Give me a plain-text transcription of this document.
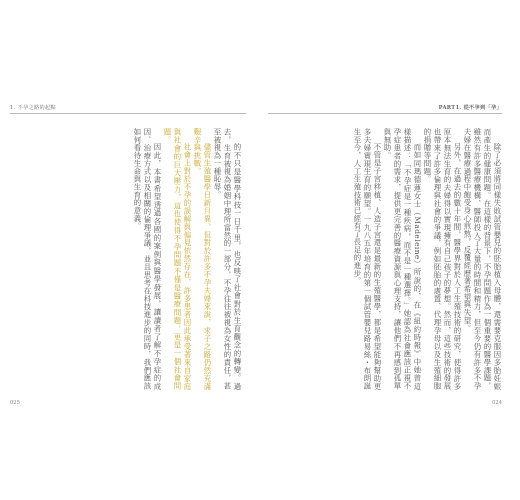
1. 不孕之路的起點

的不只是醫學科技一日千里，也反映了社會對於生育觀念的轉變。過去，生育被視為婚姻中理所當然的一部分，不孕往往被視為女性的責任，甚至被視為一種恥辱。

儘管生殖醫學日新月異，但對於許多不孕夫婦來說，求子之路仍然充滿艱辛與挑戰。

社會上對於不孕的誤解與偏見依然存在，許多患者因此承受著來自家庭與社會的巨大壓力，這也使得不孕問題不僅是醫療問題，更是一個社會問題。

因此，本書希望透過各國的案例與醫學發展，讓讀者了解不孕症的成因、治療方式以及相關的倫理爭議，並且思考在科技進步的同時，我們應該如何看待生命與生育的意義。

025
PART1. 從不孕到「孕」

除了必須將同樣失敗試管嬰兒的胚胎植入母體，還需要克服因多胎妊娠而產生的健康問題。在這樣的背景下，不孕問題作為一個重要的醫學課題，雖然有許多醫療機構、醫師投入了大量的時間和精力，但至今仍有許多不孕夫婦在醫療過程中飽受身心煎熬，反覆經歷著希望與失望。

另外，在過去的數十年間，醫學界對於人工生殖技術的研究，使得許多原本無法生育的夫婦得以實現擁有自己孩子的夢想。然而，這些技術的發展也帶來了許多倫理與社會的爭議，例如胚胎的處置、代理孕母以及生殖細胞的捐贈等問題。

而如同瑪德蓮女士（Madeleine）所說的，在《紐約時報》中她曾這樣描述：「不孕症是一種疾病，而不是一種選擇。」她認為社會應該正視不孕症患者的需求，提供更完善的醫療資源與心理支持，讓他們不再感到孤單與無助。

不管是子宮移植、人造子宮還是最新的生殖醫學，都是希望能夠幫助更多夫婦實現生育的願望。一九八五年培育的第一個試管嬰兒路易絲・布朗誕生至今，人工生殖技術已經有了長足的進步。

024
